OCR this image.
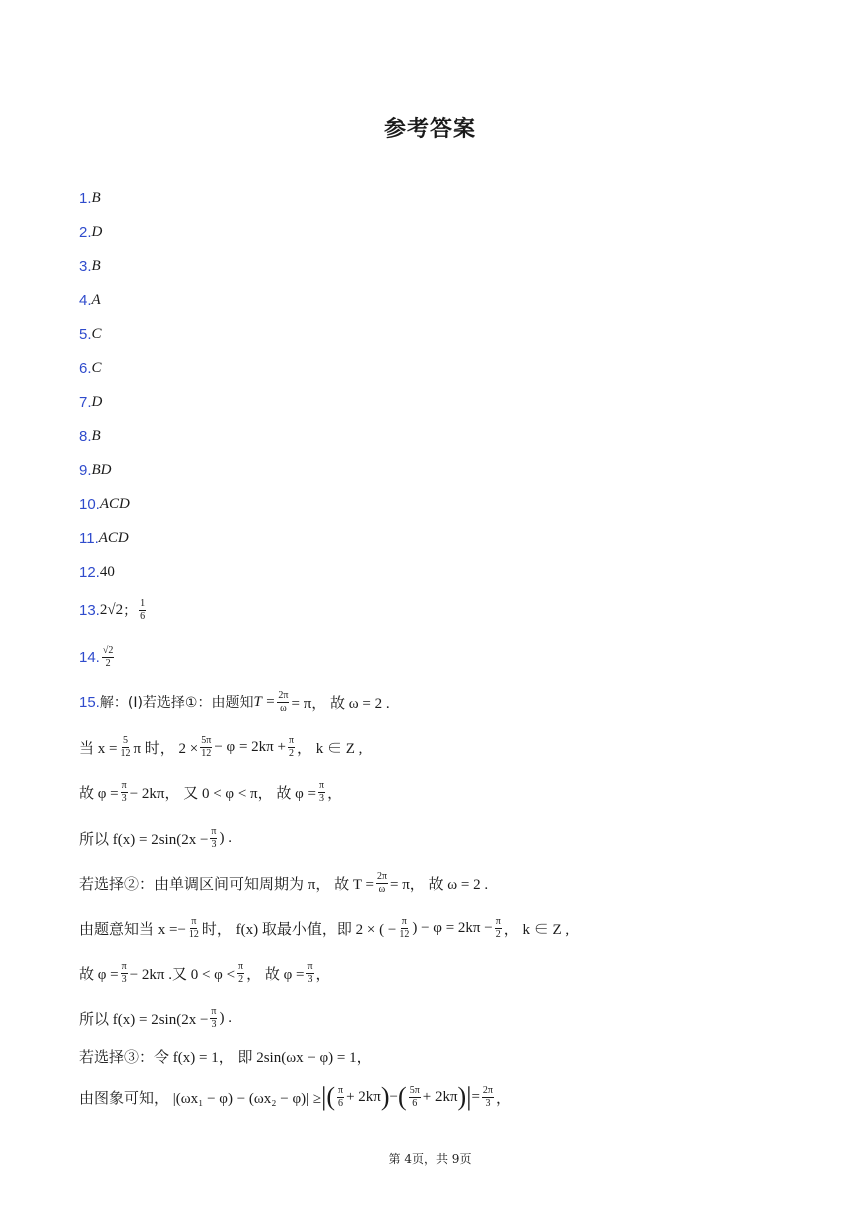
参考答案
1. B
2. D
3. B
4. A
5. C
6. C
7. D
8. B
9. BD
10. ACD
11. ACD
12. 40
13. 2√2 ； $\frac{1}{6}$
14. $\frac{√2}{2}$
15. 解：(I)若选择①：由题知 $T = \frac{2\pi}{\omega} = \pi$， 故 ω = 2 .
当 $x = \frac{5}{12}$ π 时， $2 \times \frac{5\pi}{12} - \varphi = 2k\pi + \frac{\pi}{2}$ ， k ∈ Z ,
故 $\varphi = \frac{\pi}{3} - 2k\pi$， 又 0 < φ < π， 故 $\varphi = \frac{\pi}{3}$ ，
所以 $f(x) = 2\sin(2x - \frac{\pi}{3}$ ) .
若选择②：由单调区间可知周期为 π， 故 $T = \frac{2\pi}{\omega} = \pi$， 故 ω = 2 .
由题意知当 $x =- \frac{\pi}{12}$ 时， f(x) 取最小值，即 2 × ( − $\frac{\pi}{12}$ ) − $\varphi = 2k\pi - \frac{\pi}{2}$ ， k ∈ Z ,
故 $\varphi = \frac{\pi}{3} - 2k\pi$ .又 $0 < \varphi < \frac{\pi}{2}$ ， 故 $\varphi = \frac{\pi}{3}$ ，
所以 $f(x) = 2\sin(2x - \frac{\pi}{3}$ ) .
若选择③：令 f(x) = 1， 即 2sin(ωx − φ) = 1，
由图象可知， |(ωx₁ − φ) − (ωx₂ − φ)| ≥ | ( $\frac{\pi}{6} + 2k\pi$ ) − ( $\frac{5\pi}{6} + 2k\pi$ ) | = $\frac{2\pi}{3}$ ，
第 4页，共 9页
